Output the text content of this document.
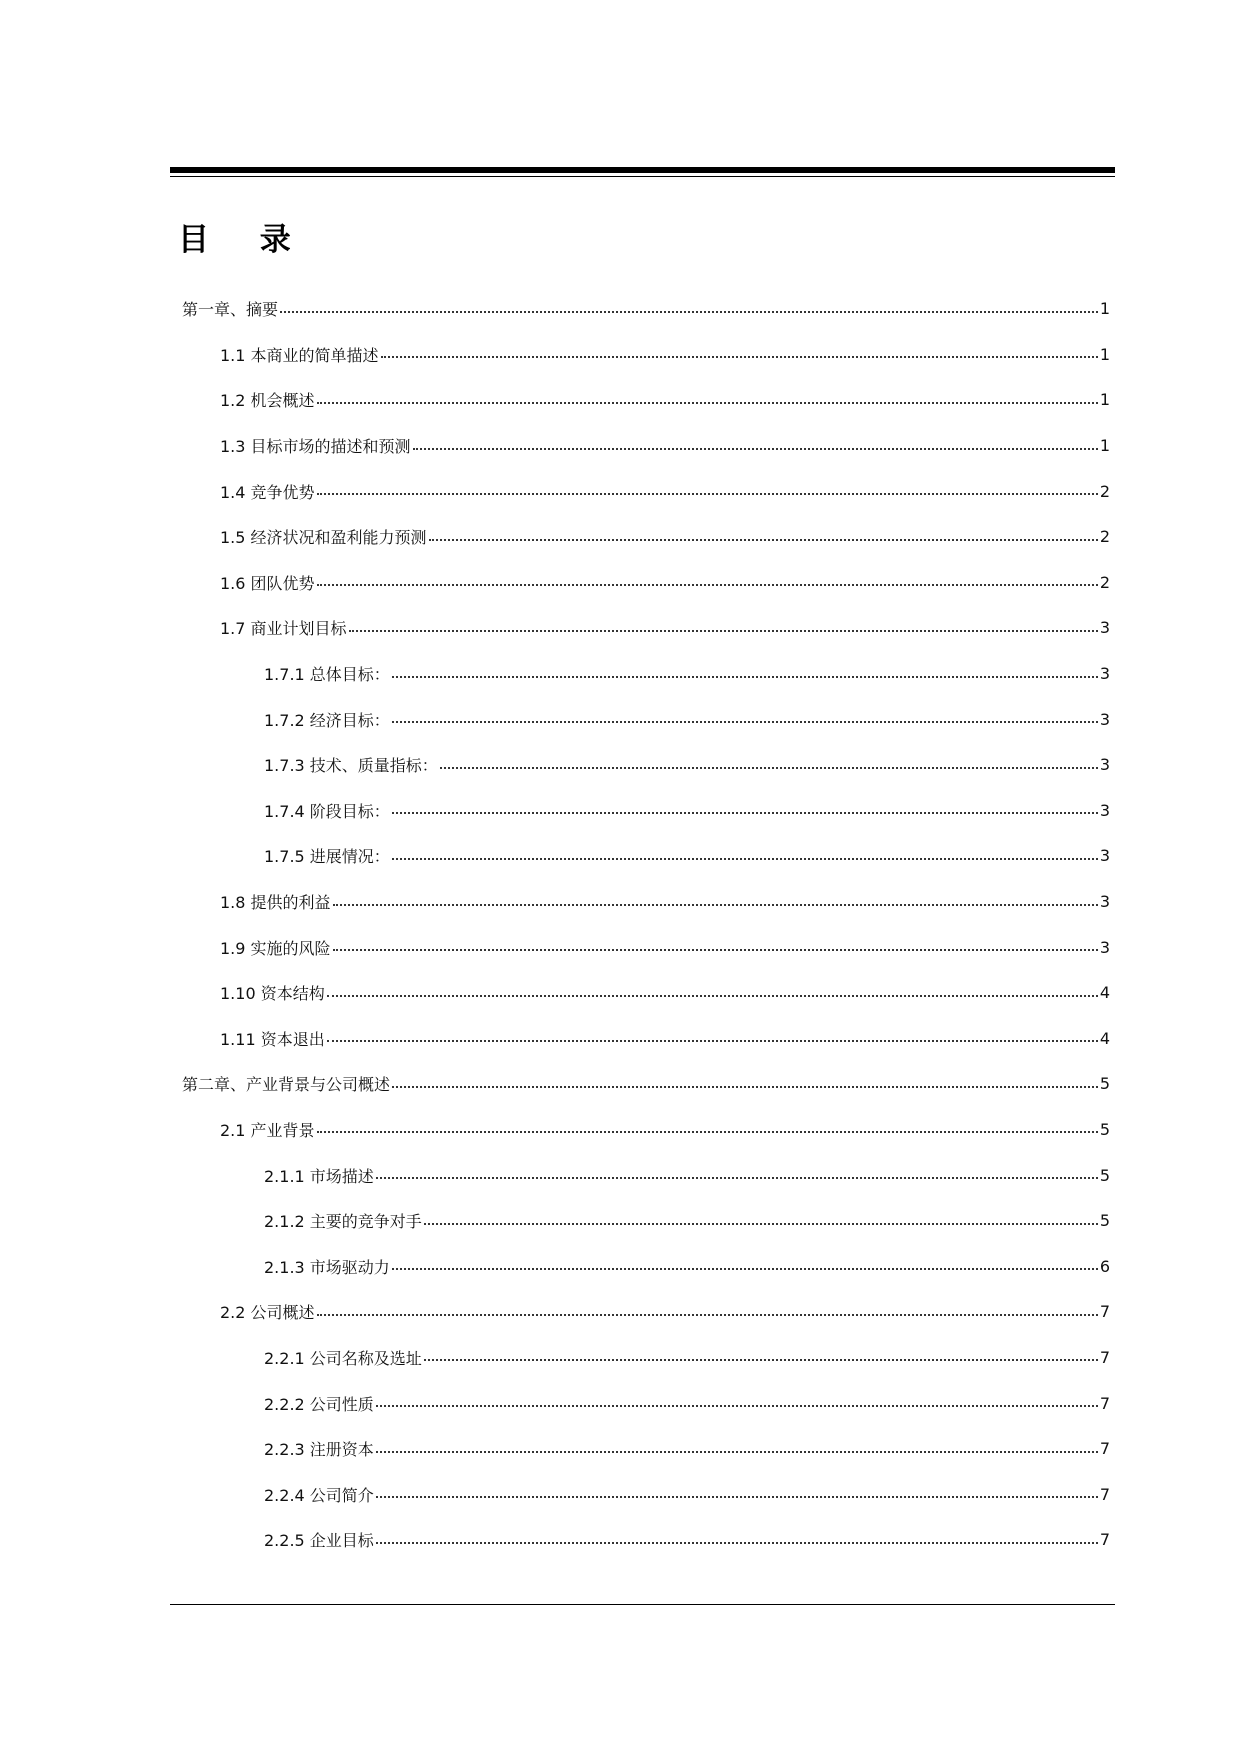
目 录
第一章、摘要	1
1.1 本商业的简单描述	1
1.2 机会概述	1
1.3 目标市场的描述和预测	1
1.4 竞争优势	2
1.5 经济状况和盈利能力预测	2
1.6 团队优势	2
1.7 商业计划目标	3
1.7.1 总体目标：	3
1.7.2 经济目标：	3
1.7.3 技术、质量指标：	3
1.7.4 阶段目标：	3
1.7.5 进展情况：	3
1.8 提供的利益	3
1.9 实施的风险	3
1.10 资本结构	4
1.11 资本退出	4
第二章、产业背景与公司概述	5
2.1 产业背景	5
2.1.1 市场描述	5
2.1.2 主要的竞争对手	5
2.1.3 市场驱动力	6
2.2 公司概述	7
2.2.1 公司名称及选址	7
2.2.2 公司性质	7
2.2.3 注册资本	7
2.2.4 公司简介	7
2.2.5 企业目标	7
